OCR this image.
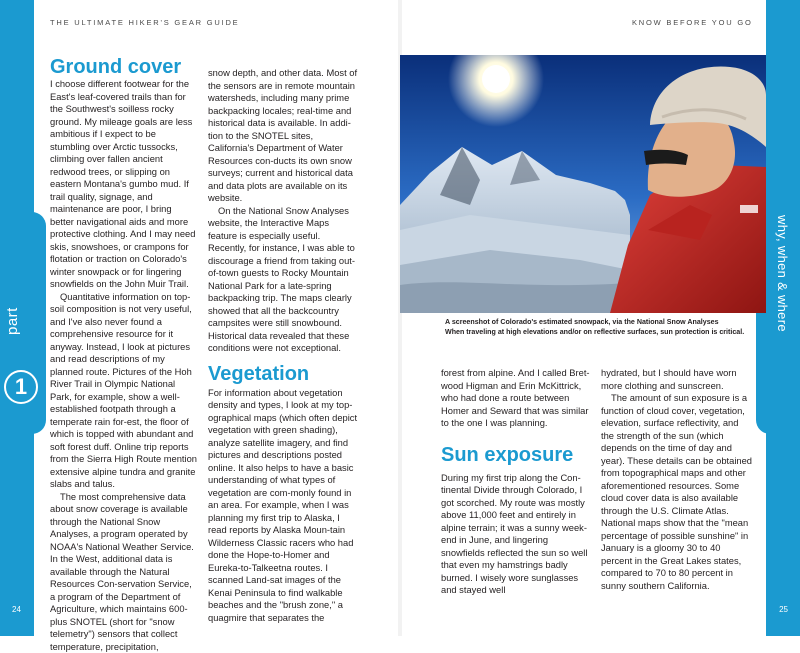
THE ULTIMATE HIKER'S GEAR GUIDE	KNOW BEFORE YOU GO
part
1
why, when & where
Ground cover

I choose different footwear for the East's leaf-covered trails than for the Southwest's soilless rocky ground. My mileage goals are less ambitious if I expect to be stumbling over Arctic tussocks, climbing over fallen ancient redwood trees, or slipping on eastern Montana's gumbo mud. If trail quality, signage, and maintenance are poor, I bring better navigational aids and more protective clothing. And I may need skis, snowshoes, or crampons for flotation or traction on Colorado's winter snowpack or for lingering snowfields on the John Muir Trail.

Quantitative information on top-soil composition is not very useful, and I've also never found a comprehensive resource for it anyway. Instead, I look at pictures and read descriptions of my planned route. Pictures of the Hoh River Trail in Olympic National Park, for example, show a well-established footpath through a temperate rain for-est, the floor of which is topped with abundant and soft forest duff. Online trip reports from the Sierra High Route mention extensive alpine tundra and granite slabs and talus.

The most comprehensive data about snow coverage is available through the National Snow Analyses, a program operated by NOAA's National Weather Service. In the West, additional data is available through the Natural Resources Con-servation Service, a program of the Department of Agriculture, which maintains 600-plus SNOTEL (short for "snow telemetry") sensors that collect temperature, precipitation,

snow depth, and other data. Most of the sensors are in remote mountain watersheds, including many prime backpacking locales; real-time and historical data is available. In addi-tion to the SNOTEL sites, California's Department of Water Resources con-ducts its own snow surveys; current and historical data and data plots are available on its website.

On the National Snow Analyses website, the Interactive Maps feature is especially useful. Recently, for instance, I was able to discourage a friend from taking out-of-town guests to Rocky Mountain National Park for a late-spring backpacking trip. The maps clearly showed that all the backcountry campsites were still snowbound. Historical data revealed that these conditions were not exceptional.

Vegetation

For information about vegetation density and types, I look at my top-ographical maps (which often depict vegetation with green shading), analyze satellite imagery, and find pictures and descriptions posted online. It also helps to have a basic understanding of what types of vegetation are com-monly found in an area. For example, when I was planning my first trip to Alaska, I read reports by Alaska Moun-tain Wilderness Classic racers who had done the Hope-to-Homer and Eureka-to-Talkeetna routes. I scanned Land-sat images of the Kenai Peninsula to find walkable beaches and the "brush zone," a quagmire that separates the

A screenshot of Colorado's estimated snowpack, via the National Snow Analyses
When traveling at high elevations and/or on reflective surfaces, sun protection is critical.

forest from alpine. And I called Bret-wood Higman and Erin McKittrick, who had done a route between Homer and Seward that was similar to the one I was planning.

Sun exposure

During my first trip along the Con-tinental Divide through Colorado, I got scorched. My route was mostly above 11,000 feet and entirely in alpine terrain; it was a sunny week-end in June, and lingering snowfields reflected the sun so well that even my hamstrings badly burned. I wisely wore sunglasses and stayed well

hydrated, but I should have worn more clothing and sunscreen.

The amount of sun exposure is a function of cloud cover, vegetation, elevation, surface reflectivity, and the strength of the sun (which depends on the time of day and year). These details can be obtained from topographical maps and other aforementioned resources. Some cloud cover data is also available through the U.S. Climate Atlas. National maps show that the "mean percentage of possible sunshine" in January is a gloomy 30 to 40 percent in the Great Lakes states, compared to 70 to 80 percent in sunny southern California.

24	25
